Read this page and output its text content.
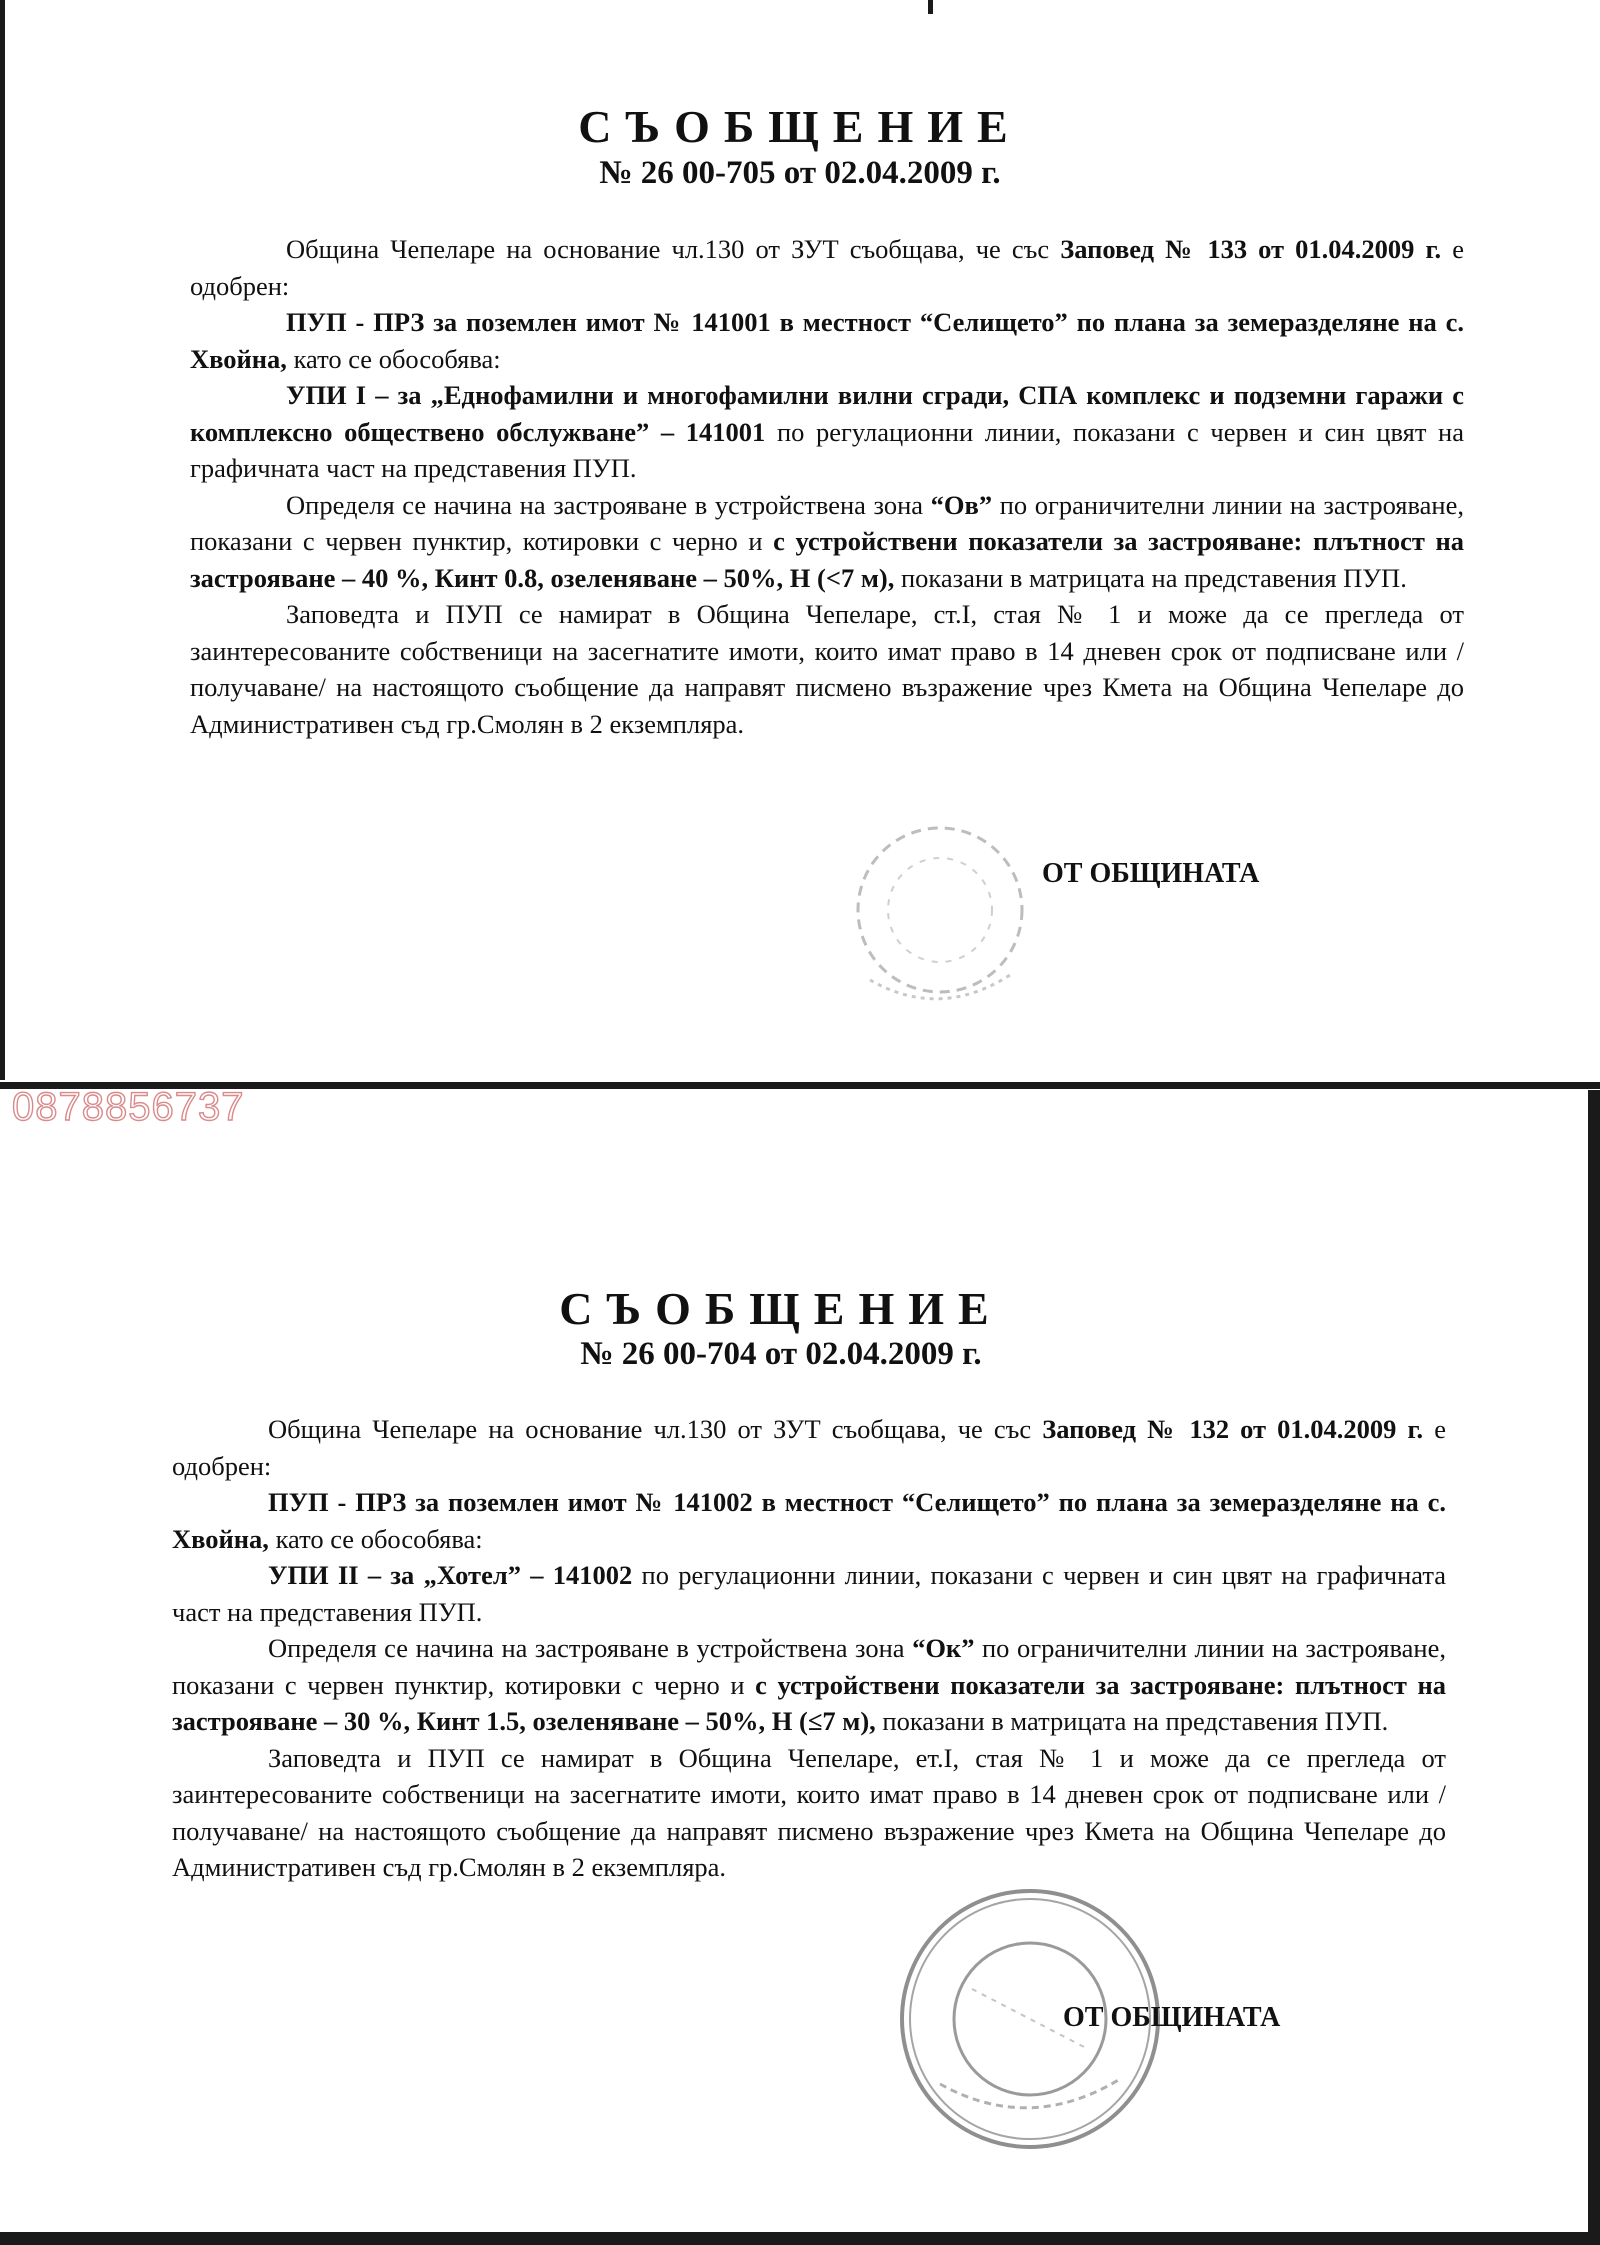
СЪОБЩЕНИЕ
№ 26 00-705 от 02.04.2009 г.

Община Чепеларе на основание чл.130 от ЗУТ съобщава, че със Заповед № 133 от 01.04.2009 г. е одобрен:

ПУП - ПРЗ за поземлен имот № 141001 в местност “Селището” по плана за земеразделяне на с. Хвойна, като се обособява:

УПИ I – за „Еднофамилни и многофамилни вилни сгради, СПА комплекс и подземни гаражи с комплексно обществено обслужване” – 141001 по регулационни линии, показани с червен и син цвят на графичната част на представения ПУП.

Определя се начина на застрояване в устройствена зона “Ов” по ограничителни линии на застрояване, показани с червен пунктир, котировки с черно и с устройствени показатели за застрояване: плътност на застрояване – 40 %, Кинт 0.8, озеленяване – 50%, Н (<7 м), показани в матрицата на представения ПУП.

Заповедта и ПУП се намират в Община Чепеларе, ст.I, стая № 1 и може да се прегледа от заинтересованите собственици на засегнатите имоти, които имат право в 14 дневен срок от подписване или /получаване/ на настоящото съобщение да направят писмено възражение чрез Кмета на Община Чепеларе до Административен съд гр.Смолян в 2 екземпляра.

ОТ ОБЩИНАТА
0878856737
СЪОБЩЕНИЕ
№ 26 00-704 от 02.04.2009 г.

Община Чепеларе на основание чл.130 от ЗУТ съобщава, че със Заповед № 132 от 01.04.2009 г. е одобрен:

ПУП - ПРЗ за поземлен имот № 141002 в местност “Селището” по плана за земеразделяне на с. Хвойна, като се обособява:

УПИ II – за „Хотел” – 141002 по регулационни линии, показани с червен и син цвят на графичната част на представения ПУП.

Определя се начина на застрояване в устройствена зона “Ок” по ограничителни линии на застрояване, показани с червен пунктир, котировки с черно и с устройствени показатели за застрояване: плътност на застрояване – 30 %, Кинт 1.5, озеленяване – 50%, Н (≤7 м), показани в матрицата на представения ПУП.

Заповедта и ПУП се намират в Община Чепеларе, ет.I, стая № 1 и може да се прегледа от заинтересованите собственици на засегнатите имоти, които имат право в 14 дневен срок от подписване или /получаване/ на настоящото съобщение да направят писмено възражение чрез Кмета на Община Чепеларе до Административен съд гр.Смолян в 2 екземпляра.

ОТ ОБЩИНАТА
